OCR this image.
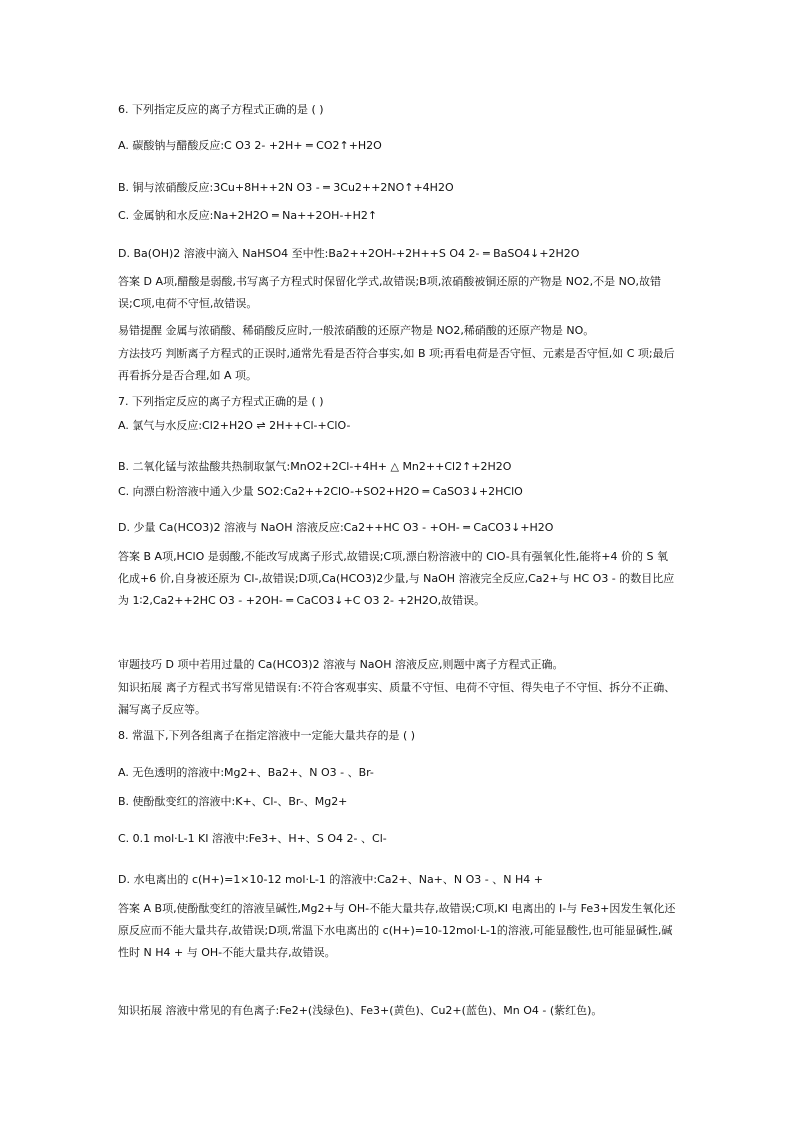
6. 下列指定反应的离子方程式正确的是 ( )
A. 碳酸钠与醋酸反应:C O3 2- +2H+ ═ CO2↑+H2O
B. 铜与浓硝酸反应:3Cu+8H++2N O3 - ═ 3Cu2++2NO↑+4H2O
C. 金属钠和水反应:Na+2H2O ═ Na++2OH-+H2↑
D. Ba(OH)2 溶液中滴入 NaHSO4 至中性:Ba2++2OH-+2H++S O4 2- ═ BaSO4↓+2H2O
答案 D A项,醋酸是弱酸,书写离子方程式时保留化学式,故错误;B项,浓硝酸被铜还原的产物是 NO2,不是 NO,故错误;C项,电荷不守恒,故错误。
易错提醒 金属与浓硝酸、稀硝酸反应时,一般浓硝酸的还原产物是 NO2,稀硝酸的还原产物是 NO。
方法技巧 判断离子方程式的正误时,通常先看是否符合事实,如 B 项;再看电荷是否守恒、元素是否守恒,如 C 项;最后再看拆分是否合理,如 A 项。
7. 下列指定反应的离子方程式正确的是 ( )
A. 氯气与水反应:Cl2+H2O ⇌ 2H++Cl-+ClO-
B. 二氧化锰与浓盐酸共热制取氯气:MnO2+2Cl-+4H+ △ Mn2++Cl2↑+2H2O
C. 向漂白粉溶液中通入少量 SO2:Ca2++2ClO-+SO2+H2O ═ CaSO3↓+2HClO
D. 少量 Ca(HCO3)2 溶液与 NaOH 溶液反应:Ca2++HC O3 - +OH- ═ CaCO3↓+H2O
答案 B A项,HClO 是弱酸,不能改写成离子形式,故错误;C项,漂白粉溶液中的 ClO-具有强氧化性,能将+4 价的 S 氧化成+6 价,自身被还原为 Cl-,故错误;D项,Ca(HCO3)2少量,与 NaOH 溶液完全反应,Ca2+与 HC O3 - 的数目比应为 1∶2,Ca2++2HC O3 - +2OH- ═ CaCO3↓+C O3 2- +2H2O,故错误。
审题技巧 D 项中若用过量的 Ca(HCO3)2 溶液与 NaOH 溶液反应,则题中离子方程式正确。
知识拓展 离子方程式书写常见错误有:不符合客观事实、质量不守恒、电荷不守恒、得失电子不守恒、拆分不正确、漏写离子反应等。
8. 常温下,下列各组离子在指定溶液中一定能大量共存的是 ( )
A. 无色透明的溶液中:Mg2+、Ba2+、N O3 - 、Br-
B. 使酚酞变红的溶液中:K+、Cl-、Br-、Mg2+
C. 0.1 mol·L-1 KI 溶液中:Fe3+、H+、S O4 2- 、Cl-
D. 水电离出的 c(H+)=1×10-12 mol·L-1 的溶液中:Ca2+、Na+、N O3 - 、N H4 +
答案 A B项,使酚酞变红的溶液呈碱性,Mg2+与 OH-不能大量共存,故错误;C项,KI 电离出的 I-与 Fe3+因发生氧化还原反应而不能大量共存,故错误;D项,常温下水电离出的 c(H+)=10-12mol·L-1的溶液,可能显酸性,也可能显碱性,碱性时 N H4 + 与 OH-不能大量共存,故错误。
知识拓展 溶液中常见的有色离子:Fe2+(浅绿色)、Fe3+(黄色)、Cu2+(蓝色)、Mn O4 - (紫红色)。
